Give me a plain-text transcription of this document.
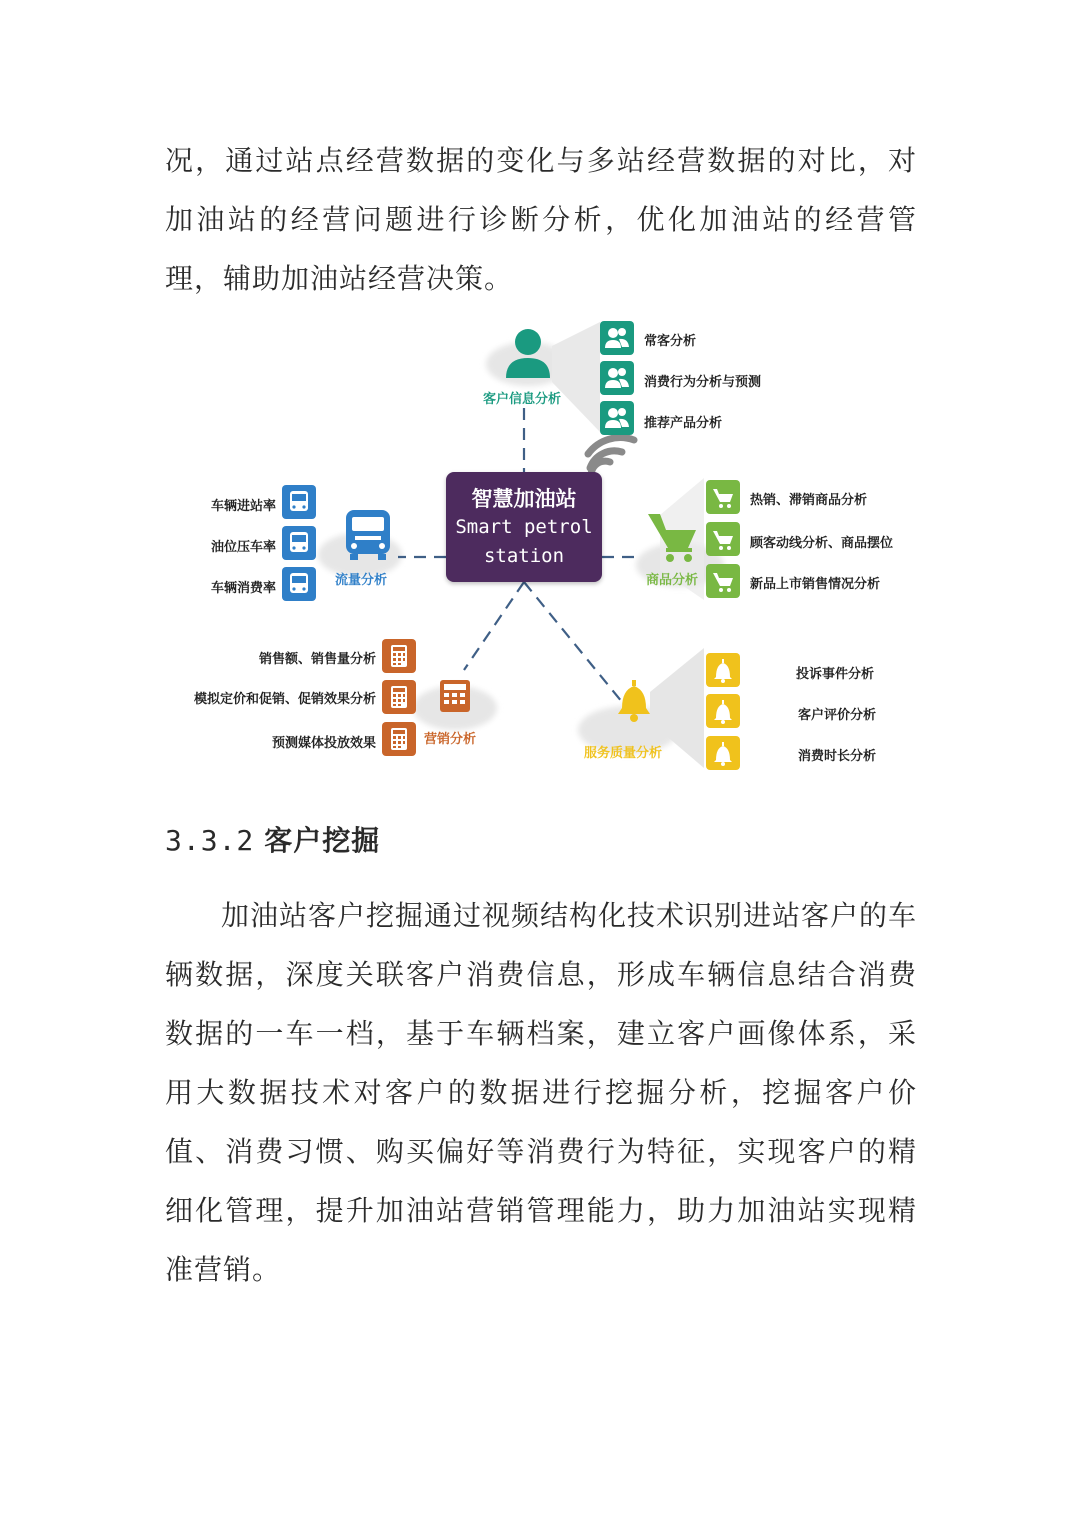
况，通过站点经营数据的变化与多站经营数据的对比，对加油站的经营问题进行诊断分析，优化加油站的经营管理，辅助加油站经营决策。

智慧加油站
Smart petrol
station
客户信息分析
流量分析	商品分析
营销分析
服务质量分析
常客分析
消费行为分析与预测
推荐产品分析
车辆进站率
油位压车率
车辆消费率
热销、滞销商品分析
顾客动线分析、商品摆位
新品上市销售情况分析
销售额、销售量分析
模拟定价和促销、促销效果分析
预测媒体投放效果
投诉事件分析
客户评价分析
消费时长分析
3.3.2 客户挖掘

加油站客户挖掘通过视频结构化技术识别进站客户的车辆数据，深度关联客户消费信息，形成车辆信息结合消费数据的一车一档，基于车辆档案，建立客户画像体系，采用大数据技术对客户的数据进行挖掘分析，挖掘客户价值、消费习惯、购买偏好等消费行为特征，实现客户的精细化管理，提升加油站营销管理能力，助力加油站实现精准营销。
